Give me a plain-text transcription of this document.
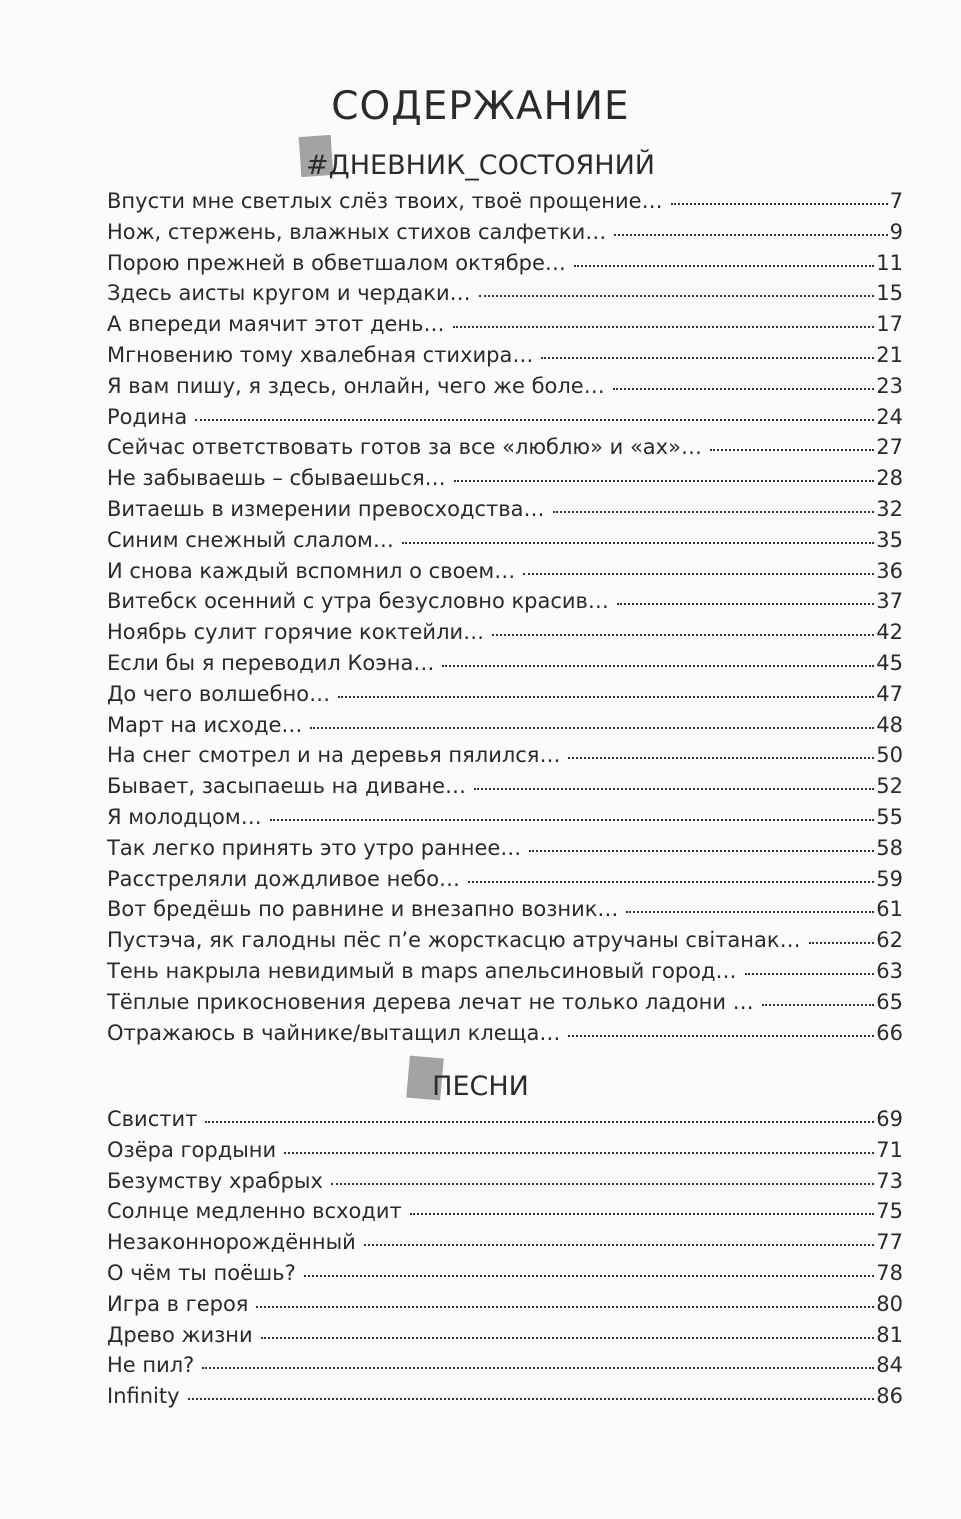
СОДЕРЖАНИЕ
#ДНЕВНИК_СОСТОЯНИЙ
Впусти мне светлых слёз твоих, твоё прощение…	7
Нож, стержень, влажных стихов салфетки…	9
Порою прежней в обветшалом октябре…	11
Здесь аисты кругом и чердаки…	15
А впереди маячит этот день…	17
Мгновению тому хвалебная стихира…	21
Я вам пишу, я здесь, онлайн, чего же боле…	23
Родина	24
Сейчас ответствовать готов за все «люблю» и «ах»…	27
Не забываешь – сбываешься…	28
Витаешь в измерении превосходства…	32
Синим снежный слалом…	35
И снова каждый вспомнил о своем…	36
Витебск осенний с утра безусловно красив…	37
Ноябрь сулит горячие коктейли…	42
Если бы я переводил Коэна…	45
До чего волшебно…	47
Март на исходе…	48
На снег смотрел и на деревья пялился…	50
Бывает, засыпаешь на диване…	52
Я молодцом…	55
Так легко принять это утро раннее…	58
Расстреляли дождливое небо…	59
Вот бредёшь по равнине и внезапно возник…	61
Пустэча, як галодны пёс п’е жорсткасцю атручаны світанак…	62
Тень накрыла невидимый в maps апельсиновый город…	63
Тёплые прикосновения дерева лечат не только ладони …	65
Отражаюсь в чайнике/вытащил клеща…	66
ПЕСНИ
Свистит	69
Озёра гордыни	71
Безумству храбрых	73
Солнце медленно всходит	75
Незаконнорождённый	77
О чём ты поёшь?	78
Игра в героя	80
Древо жизни	81
Не пил?	84
Infinity	86
